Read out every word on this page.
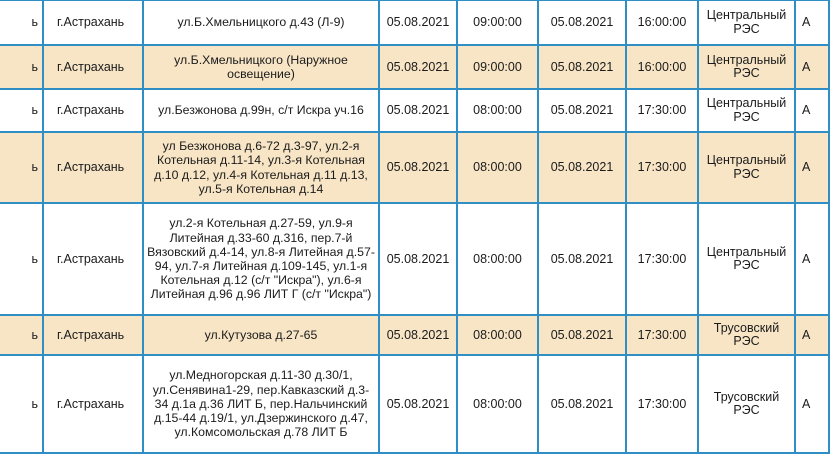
ь	г.Астрахань	ул.Б.Хмельницкого д.43 (Л-9)	05.08.2021	09:00:00	05.08.2021	16:00:00	Центральный РЭС	А
ь	г.Астрахань	ул.Б.Хмельницкого (Наружное освещение)	05.08.2021	09:00:00	05.08.2021	16:00:00	Центральный РЭС	А
ь	г.Астрахань	ул.Безжонова д.99н, с/т Искра уч.16	05.08.2021	08:00:00	05.08.2021	17:30:00	Центральный РЭС	А
ь	г.Астрахань	ул Безжонова д.6-72 д.3-97, ул.2-я Котельная д.11-14, ул.3-я Котельная д.10 д.12, ул.4-я Котельная д.11 д.13, ул.5-я Котельная д.14	05.08.2021	08:00:00	05.08.2021	17:30:00	Центральный РЭС	А
ь	г.Астрахань	ул.2-я Котельная д.27-59, ул.9-я Литейная д.33-60 д.316, пер.7-й Вязовский д.4-14, ул.8-я Литейная д.57-94, ул.7-я Литейная д.109-145, ул.1-я Котельная д.12 (с/т "Искра"), ул.6-я Литейная д.96 д.96 ЛИТ Г (с/т "Искра")	05.08.2021	08:00:00	05.08.2021	17:30:00	Центральный РЭС	А
ь	г.Астрахань	ул.Кутузова д.27-65	05.08.2021	08:00:00	05.08.2021	17:30:00	Трусовский РЭС	А
ь	г.Астрахань	ул.Медногорская д.11-30 д.30/1, ул.Сенявина1-29, пер.Кавказский д.3-34 д.1а д.36 ЛИТ Б, пер.Нальчинский д.15-44 д.19/1, ул.Дзержинского д.47, ул.Комсомольская д.78 ЛИТ Б	05.08.2021	08:00:00	05.08.2021	17:30:00	Трусовский РЭС	А
